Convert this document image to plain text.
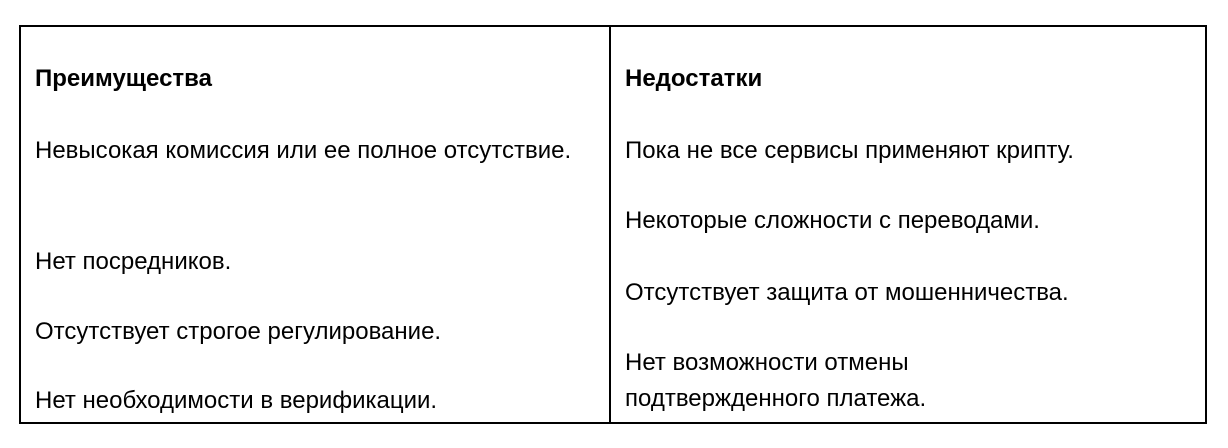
Преимущества
Невысокая комиссия или ее полное отсутствие.
Нет посредников.
Отсутствует строгое регулирование.
Нет необходимости в верификации.
Недостатки
Пока не все сервисы применяют крипту.
Некоторые сложности с переводами.
Отсутствует защита от мошенничества.
Нет возможности отмены подтвержденного платежа.
